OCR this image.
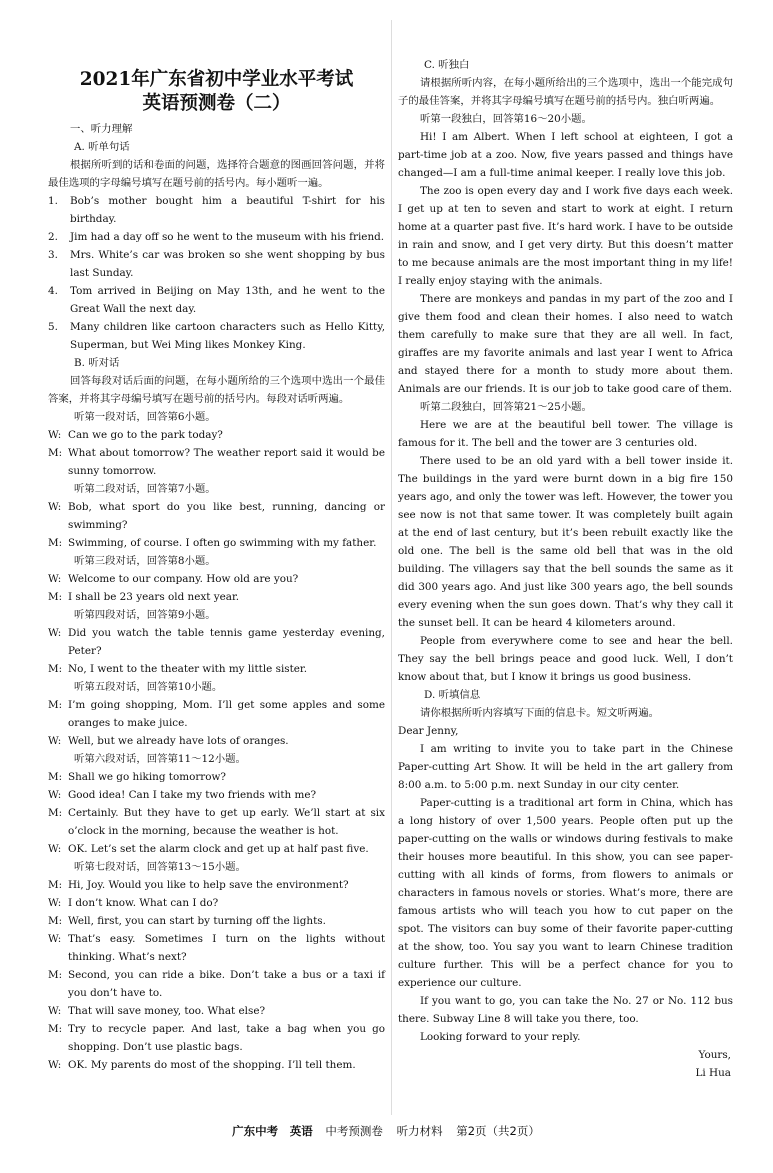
2021年广东省初中学业水平考试
英语预测卷（二）

一、听力理解

A. 听单句话

根据所听到的话和卷面的问题，选择符合题意的图画回答问题，并将最佳选项的字母编号填写在题号前的括号内。每小题听一遍。

1.	Bob’s mother bought him a beautiful T-shirt for his birthday.
2.	Jim had a day off so he went to the museum with his friend.
3.	Mrs. White’s car was broken so she went shopping by bus last Sunday.
4.	Tom arrived in Beijing on May 13th, and he went to the Great Wall the next day.
5.	Many children like cartoon characters such as Hello Kitty, Superman, but Wei Ming likes Monkey King.

B. 听对话

回答每段对话后面的问题，在每小题所给的三个选项中选出一个最佳答案，并将其字母编号填写在题号前的括号内。每段对话听两遍。

听第一段对话，回答第6小题。

W: Can we go to the park today?
M: What about tomorrow? The weather report said it would be sunny tomorrow.

听第二段对话，回答第7小题。

W: Bob, what sport do you like best, running, dancing or swimming?
M: Swimming, of course. I often go swimming with my father.

听第三段对话，回答第8小题。

W: Welcome to our company. How old are you?
M: I shall be 23 years old next year.

听第四段对话，回答第9小题。

W: Did you watch the table tennis game yesterday evening, Peter?
M: No, I went to the theater with my little sister.

听第五段对话，回答第10小题。

M: I’m going shopping, Mom. I’ll get some apples and some oranges to make juice.
W: Well, but we already have lots of oranges.

听第六段对话，回答第11～12小题。

M: Shall we go hiking tomorrow?
W: Good idea! Can I take my two friends with me?
M: Certainly. But they have to get up early. We’ll start at six o’clock in the morning, because the weather is hot.
W: OK. Let’s set the alarm clock and get up at half past five.

听第七段对话，回答第13～15小题。

M: Hi, Joy. Would you like to help save the environment?
W: I don’t know. What can I do?
M: Well, first, you can start by turning off the lights.
W: That’s easy. Sometimes I turn on the lights without thinking. What’s next?
M: Second, you can ride a bike. Don’t take a bus or a taxi if you don’t have to.
W: That will save money, too. What else?
M: Try to recycle paper. And last, take a bag when you go shopping. Don’t use plastic bags.
W: OK. My parents do most of the shopping. I’ll tell them.

C. 听独白

请根据所听内容，在每小题所给出的三个选项中，选出一个能完成句子的最佳答案，并将其字母编号填写在题号前的括号内。独白听两遍。

听第一段独白，回答第16～20小题。

Hi! I am Albert. When I left school at eighteen, I got a part-time job at a zoo. Now, five years passed and things have changed—I am a full-time animal keeper. I really love this job.

The zoo is open every day and I work five days each week. I get up at ten to seven and start to work at eight. I return home at a quarter past five. It’s hard work. I have to be outside in rain and snow, and I get very dirty. But this doesn’t matter to me because animals are the most important thing in my life! I really enjoy staying with the animals.

There are monkeys and pandas in my part of the zoo and I give them food and clean their homes. I also need to watch them carefully to make sure that they are all well. In fact, giraffes are my favorite animals and last year I went to Africa and stayed there for a month to study more about them. Animals are our friends. It is our job to take good care of them.

听第二段独白，回答第21～25小题。

Here we are at the beautiful bell tower. The village is famous for it. The bell and the tower are 3 centuries old.

There used to be an old yard with a bell tower inside it. The buildings in the yard were burnt down in a big fire 150 years ago, and only the tower was left. However, the tower you see now is not that same tower. It was completely built again at the end of last century, but it’s been rebuilt exactly like the old one. The bell is the same old bell that was in the old building. The villagers say that the bell sounds the same as it did 300 years ago. And just like 300 years ago, the bell sounds every evening when the sun goes down. That’s why they call it the sunset bell. It can be heard 4 kilometers around.

People from everywhere come to see and hear the bell. They say the bell brings peace and good luck. Well, I don’t know about that, but I know it brings us good business.

D. 听填信息

请你根据所听内容填写下面的信息卡。短文听两遍。

Dear Jenny,

I am writing to invite you to take part in the Chinese Paper-cutting Art Show. It will be held in the art gallery from 8:00 a.m. to 5:00 p.m. next Sunday in our city center.

Paper-cutting is a traditional art form in China, which has a long history of over 1,500 years. People often put up the paper-cutting on the walls or windows during festivals to make their houses more beautiful. In this show, you can see paper-cutting with all kinds of forms, from flowers to animals or characters in famous novels or stories. What’s more, there are famous artists who will teach you how to cut paper on the spot. The visitors can buy some of their favorite paper-cutting at the show, too. You say you want to learn Chinese tradition culture further. This will be a perfect chance for you to experience our culture.

If you want to go, you can take the No. 27 or No. 112 bus there. Subway Line 8 will take you there, too.

Looking forward to your reply.

Yours,

Li Hua

广东中考 英语 中考预测卷 听力材料 第2页（共2页）
